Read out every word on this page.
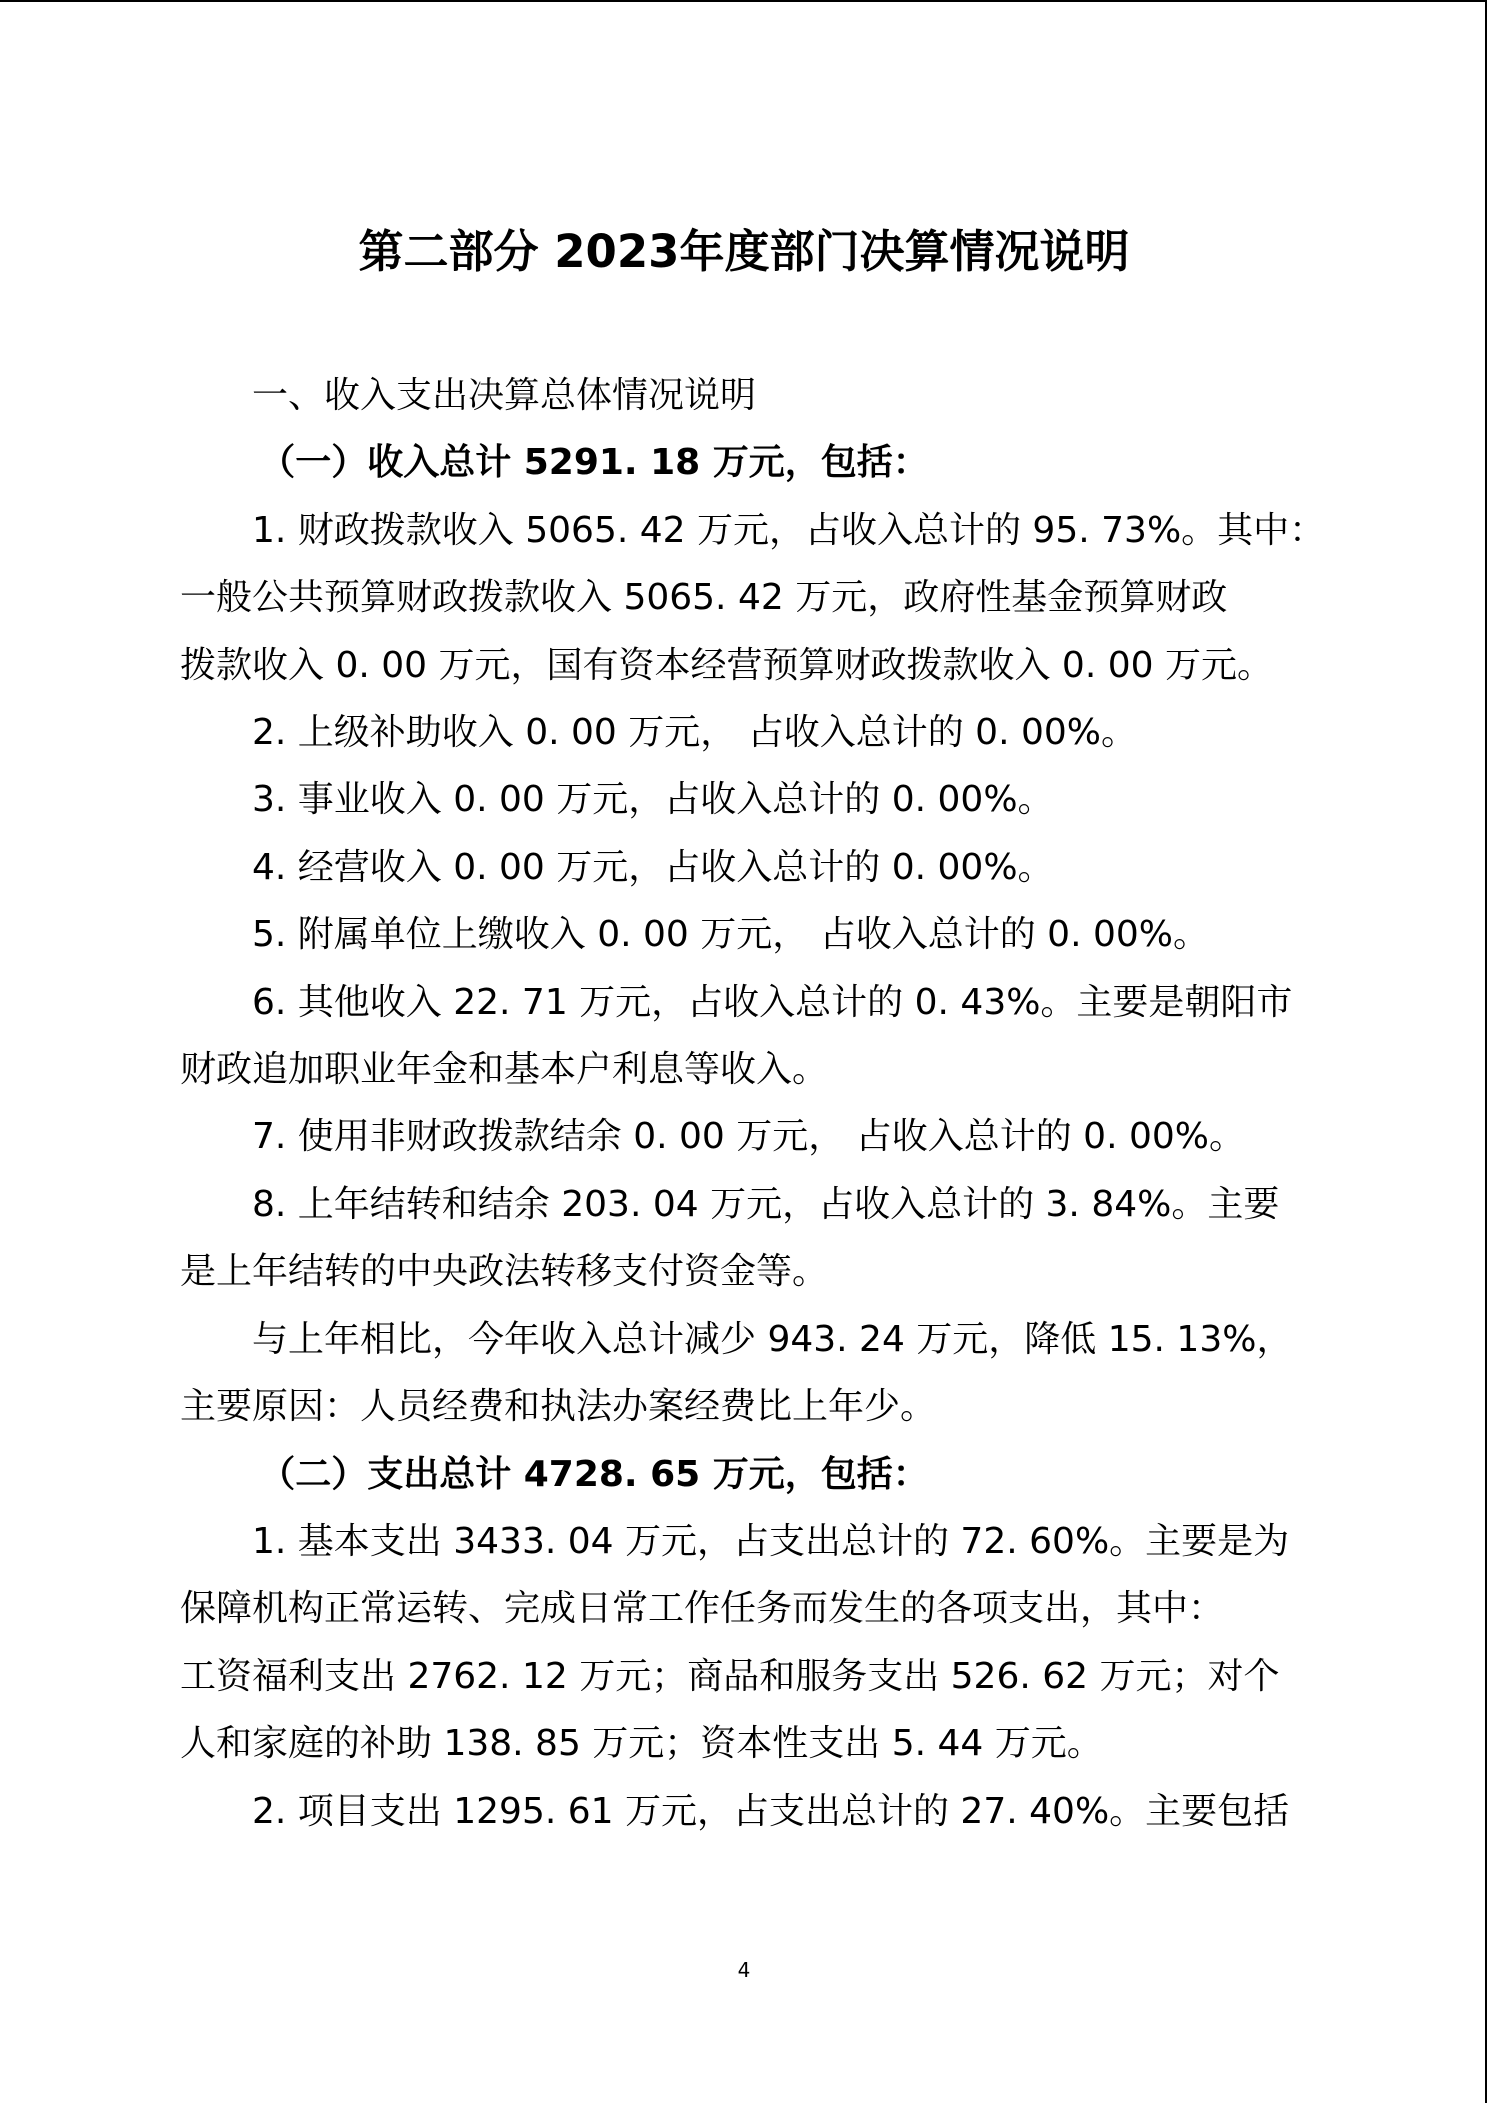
第二部分 2023年度部门决算情况说明

一、收入支出决算总体情况说明

（一）收入总计 5291. 18 万元，包括：

1. 财政拨款收入 5065. 42 万元，占收入总计的 95. 73%。其中：

一般公共预算财政拨款收入 5065. 42 万元，政府性基金预算财政

拨款收入 0. 00 万元，国有资本经营预算财政拨款收入 0. 00 万元。

2. 上级补助收入 0. 00 万元， 占收入总计的 0. 00%。

3. 事业收入 0. 00 万元，占收入总计的 0. 00%。

4. 经营收入 0. 00 万元，占收入总计的 0. 00%。

5. 附属单位上缴收入 0. 00 万元， 占收入总计的 0. 00%。

6. 其他收入 22. 71 万元，占收入总计的 0. 43%。主要是朝阳市

财政追加职业年金和基本户利息等收入。

7. 使用非财政拨款结余 0. 00 万元， 占收入总计的 0. 00%。

8. 上年结转和结余 203. 04 万元，占收入总计的 3. 84%。主要

是上年结转的中央政法转移支付资金等。

与上年相比，今年收入总计减少 943. 24 万元，降低 15. 13%，

主要原因：人员经费和执法办案经费比上年少。

（二）支出总计 4728. 65 万元，包括：

1. 基本支出 3433. 04 万元，占支出总计的 72. 60%。主要是为

保障机构正常运转、完成日常工作任务而发生的各项支出，其中：

工资福利支出 2762. 12 万元；商品和服务支出 526. 62 万元；对个

人和家庭的补助 138. 85 万元；资本性支出 5. 44 万元。

2. 项目支出 1295. 61 万元，占支出总计的 27. 40%。主要包括

4
